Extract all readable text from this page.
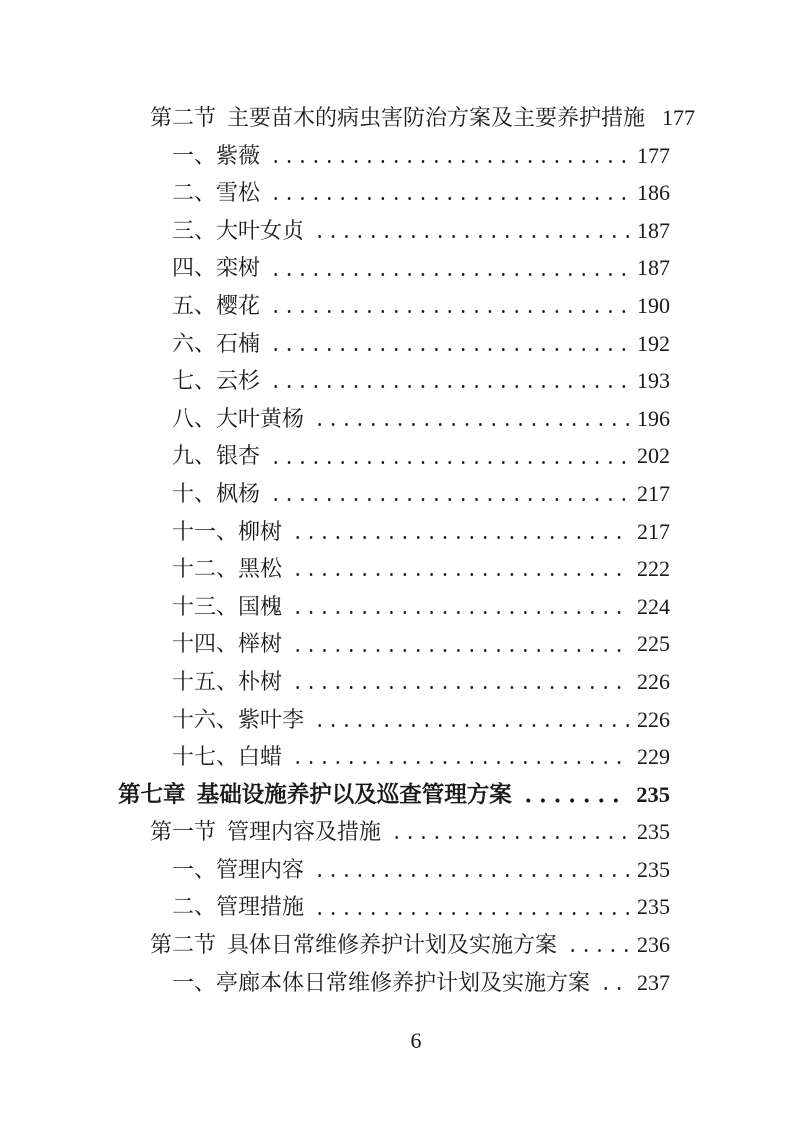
第二节  主要苗木的病虫害防治方案及主要养护措施 177
一、紫薇	177
二、雪松	186
三、大叶女贞	187
四、栾树	187
五、樱花	190
六、石楠	192
七、云杉	193
八、大叶黄杨	196
九、银杏	202
十、枫杨	217
十一、柳树	217
十二、黑松	222
十三、国槐	224
十四、榉树	225
十五、朴树	226
十六、紫叶李	226
十七、白蜡	229
第七章  基础设施养护以及巡查管理方案	235
第一节  管理内容及措施	235
一、管理内容	235
二、管理措施	235
第二节  具体日常维修养护计划及实施方案	236
一、亭廊本体日常维修养护计划及实施方案 237
6
